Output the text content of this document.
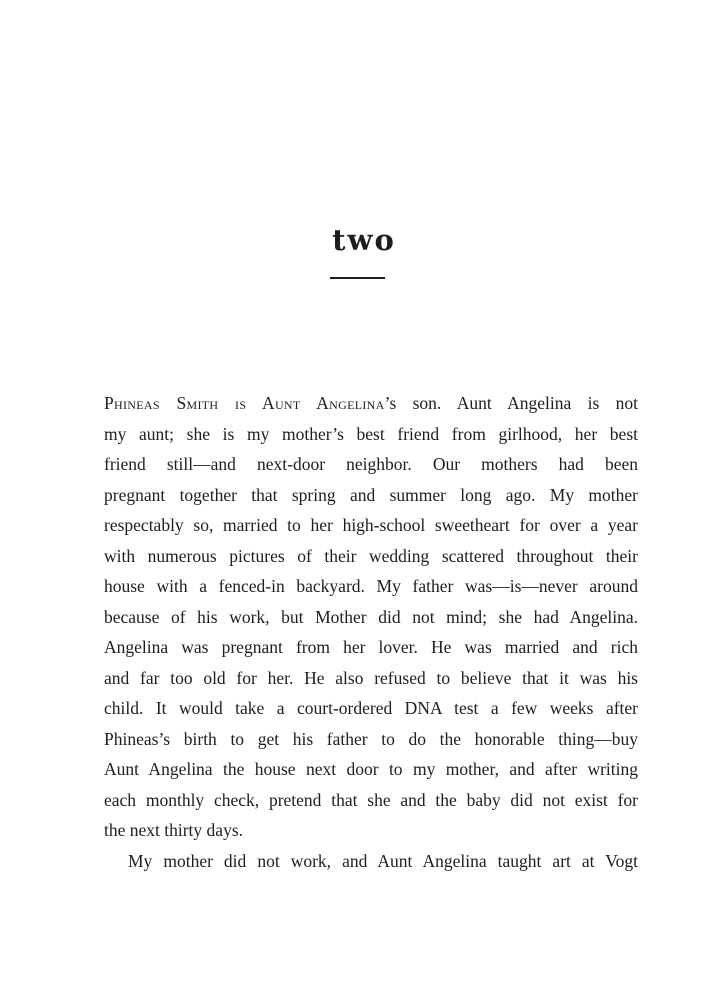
two

Phineas Smith is Aunt Angelina’s son. Aunt Angelina is not
my aunt; she is my mother’s best friend from girlhood, her best
friend still—and next-door neighbor. Our mothers had been
pregnant together that spring and summer long ago. My mother
respectably so, married to her high-school sweetheart for over a year
with numerous pictures of their wedding scattered throughout their
house with a fenced-in backyard. My father was—is—never around
because of his work, but Mother did not mind; she had Angelina.
Angelina was pregnant from her lover. He was married and rich
and far too old for her. He also refused to believe that it was his
child. It would take a court-ordered DNA test a few weeks after
Phineas’s birth to get his father to do the honorable thing—buy
Aunt Angelina the house next door to my mother, and after writing
each monthly check, pretend that she and the baby did not exist for
the next thirty days.

My mother did not work, and Aunt Angelina taught art at Vogt
